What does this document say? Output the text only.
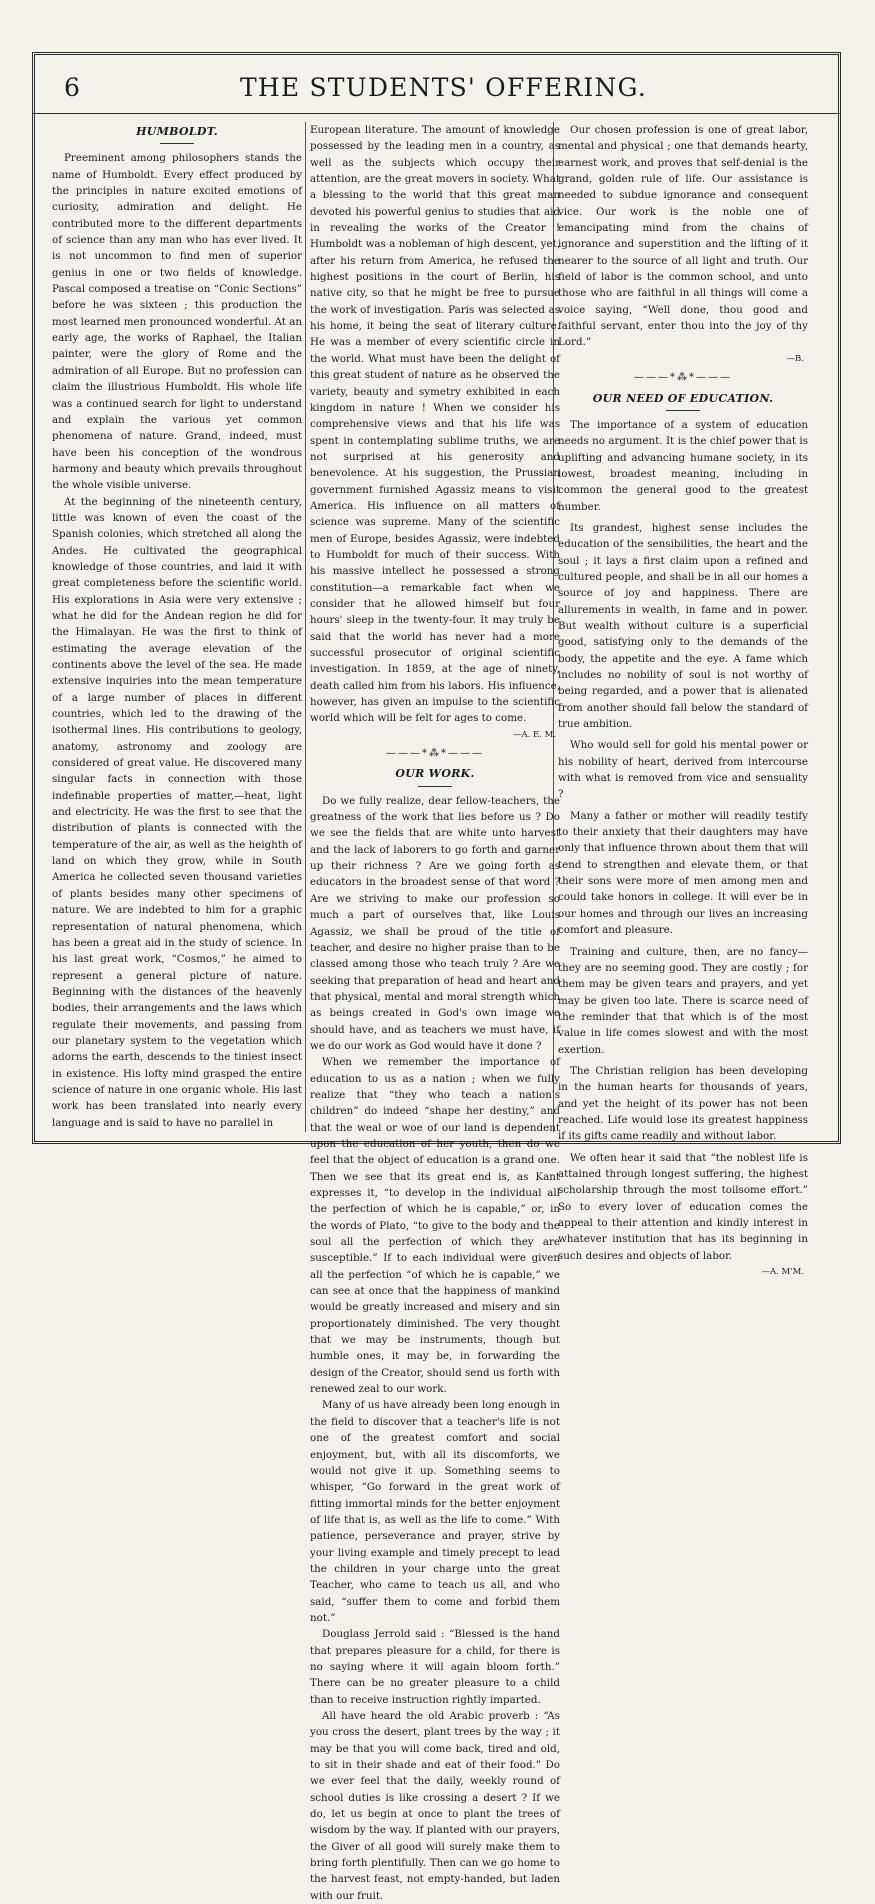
6	THE STUDENTS' OFFERING.
HUMBOLDT.

Preeminent among philosophers stands the name of Humboldt. Every effect produced by the principles in nature excited emotions of curiosity, admiration and delight. He contributed more to the different departments of science than any man who has ever lived. It is not uncommon to find men of superior genius in one or two fields of knowledge. Pascal composed a treatise on “Conic Sections” before he was sixteen ; this production the most learned men pronounced wonderful. At an early age, the works of Raphael, the Italian painter, were the glory of Rome and the admiration of all Europe. But no profession can claim the illustrious Humboldt. His whole life was a continued search for light to understand and explain the various yet common phenomena of nature. Grand, indeed, must have been his conception of the wondrous harmony and beauty which prevails throughout the whole visible universe.

At the beginning of the nineteenth century, little was known of even the coast of the Spanish colonies, which stretched all along the Andes. He cultivated the geographical knowledge of those countries, and laid it with great completeness before the scientific world. His explorations in Asia were very extensive ; what he did for the Andean region he did for the Himalayan. He was the first to think of estimating the average elevation of the continents above the level of the sea. He made extensive inquiries into the mean temperature of a large number of places in different countries, which led to the drawing of the isothermal lines. His contributions to geology, anatomy, astronomy and zoology are considered of great value. He discovered many singular facts in connection with those indefinable properties of matter,—heat, light and electricity. He was the first to see that the distribution of plants is connected with the temperature of the air, as well as the heighth of land on which they grow, while in South America he collected seven thousand varieties of plants besides many other specimens of nature. We are indebted to him for a graphic representation of natural phenomena, which has been a great aid in the study of science. In his last great work, “Cosmos,” he aimed to represent a general picture of nature. Beginning with the distances of the heavenly bodies, their arrangements and the laws which regulate their movements, and passing from our planetary system to the vegetation which adorns the earth, descends to the tiniest insect in existence. His lofty mind grasped the entire science of nature in one organic whole. His last work has been translated into nearly every language and is said to have no parallel in

European literature. The amount of knowledge possessed by the leading men in a country, as well as the subjects which occupy their attention, are the great movers in society. What a blessing to the world that this great man devoted his powerful genius to studies that aid in revealing the works of the Creator ! Humboldt was a nobleman of high descent, yet, after his return from America, he refused the highest positions in the court of Berlin, his native city, so that he might be free to pursue the work of investigation. Paris was selected as his home, it being the seat of literary culture. He was a member of every scientific circle in the world. What must have been the delight of this great student of nature as he observed the variety, beauty and symetry exhibited in each kingdom in nature ! When we consider his comprehensive views and that his life was spent in contemplating sublime truths, we are not surprised at his generosity and benevolence. At his suggestion, the Prussian government furnished Agassiz means to visit America. His influence on all matters of science was supreme. Many of the scientific men of Europe, besides Agassiz, were indebted to Humboldt for much of their success. With his massive intellect he possessed a strong constitution—a remarkable fact when we consider that he allowed himself but four hours' sleep in the twenty-four. It may truly be said that the world has never had a more successful prosecutor of original scientific investigation. In 1859, at the age of ninety, death called him from his labors. His influence, however, has given an impulse to the scientific world which will be felt for ages to come.

—A. E. M.
———*⁂*———
OUR WORK.

Do we fully realize, dear fellow-teachers, the greatness of the work that lies before us ? Do we see the fields that are white unto harvest and the lack of laborers to go forth and garner up their richness ? Are we going forth as educators in the broadest sense of that word ? Are we striving to make our profession so much a part of ourselves that, like Louis Agassiz, we shall be proud of the title of teacher, and desire no higher praise than to be classed among those who teach truly ? Are we seeking that preparation of head and heart and that physical, mental and moral strength which as beings created in God's own image we should have, and as teachers we must have, if we do our work as God would have it done ?

When we remember the importance of education to us as a nation ; when we fully realize that “they who teach a nation's children” do indeed “shape her destiny,” and that the weal or woe of our land is dependent upon the education of her youth, then do we feel that the object of education is a grand one. Then we see that its great end is, as Kant expresses it, “to develop in the individual all the perfection of which he is capable,” or, in the words of Plato, “to give to the body and the soul all the perfection of which they are susceptible.” If to each individual were given all the perfection “of which he is capable,” we can see at once that the happiness of mankind would be greatly increased and misery and sin proportionately diminished. The very thought that we may be instruments, though but humble ones, it may be, in forwarding the design of the Creator, should send us forth with renewed zeal to our work.

Many of us have already been long enough in the field to discover that a teacher's life is not one of the greatest comfort and social enjoyment, but, with all its discomforts, we would not give it up. Something seems to whisper, “Go forward in the great work of fitting immortal minds for the better enjoyment of life that is, as well as the life to come.” With patience, perseverance and prayer, strive by your living example and timely precept to lead the children in your charge unto the great Teacher, who came to teach us all, and who said, “suffer them to come and forbid them not.”

Douglass Jerrold said : “Blessed is the hand that prepares pleasure for a child, for there is no saying where it will again bloom forth.” There can be no greater pleasure to a child than to receive instruction rightly imparted.

All have heard the old Arabic proverb : “As you cross the desert, plant trees by the way ; it may be that you will come back, tired and old, to sit in their shade and eat of their food.” Do we ever feel that the daily, weekly round of school duties is like crossing a desert ? If we do, let us begin at once to plant the trees of wisdom by the way. If planted with our prayers, the Giver of all good will surely make them to bring forth plentifully. Then can we go home to the harvest feast, not empty-handed, but laden with our fruit.

Our chosen profession is one of great labor, mental and physical ; one that demands hearty, earnest work, and proves that self-denial is the grand, golden rule of life. Our assistance is needed to subdue ignorance and consequent vice. Our work is the noble one of emancipating mind from the chains of ignorance and superstition and the lifting of it nearer to the source of all light and truth. Our field of labor is the common school, and unto those who are faithful in all things will come a voice saying, “Well done, thou good and faithful servant, enter thou into the joy of thy Lord.”

—B.
———*⁂*———
OUR NEED OF EDUCATION.

The importance of a system of education needs no argument. It is the chief power that is uplifting and advancing humane society, in its lowest, broadest meaning, including in common the general good to the greatest number.

Its grandest, highest sense includes the education of the sensibilities, the heart and the soul ; it lays a first claim upon a refined and cultured people, and shall be in all our homes a source of joy and happiness. There are allurements in wealth, in fame and in power. But wealth without culture is a superficial good, satisfying only to the demands of the body, the appetite and the eye. A fame which includes no nobility of soul is not worthy of being regarded, and a power that is alienated from another should fall below the standard of true ambition.

Who would sell for gold his mental power or his nobility of heart, derived from intercourse with what is removed from vice and sensuality ?

Many a father or mother will readily testify to their anxiety that their daughters may have only that influence thrown about them that will tend to strengthen and elevate them, or that their sons were more of men among men and could take honors in college. It will ever be in our homes and through our lives an increasing comfort and pleasure.

Training and culture, then, are no fancy—they are no seeming good. They are costly ; for them may be given tears and prayers, and yet may be given too late. There is scarce need of the reminder that that which is of the most value in life comes slowest and with the most exertion.

The Christian religion has been developing in the human hearts for thousands of years, and yet the height of its power has not been reached. Life would lose its greatest happiness if its gifts came readily and without labor.

We often hear it said that “the noblest life is attained through longest suffering, the highest scholarship through the most toilsome effort.” So to every lover of education comes the appeal to their attention and kindly interest in whatever institution that has its beginning in such desires and objects of labor.

—A. M'M.
